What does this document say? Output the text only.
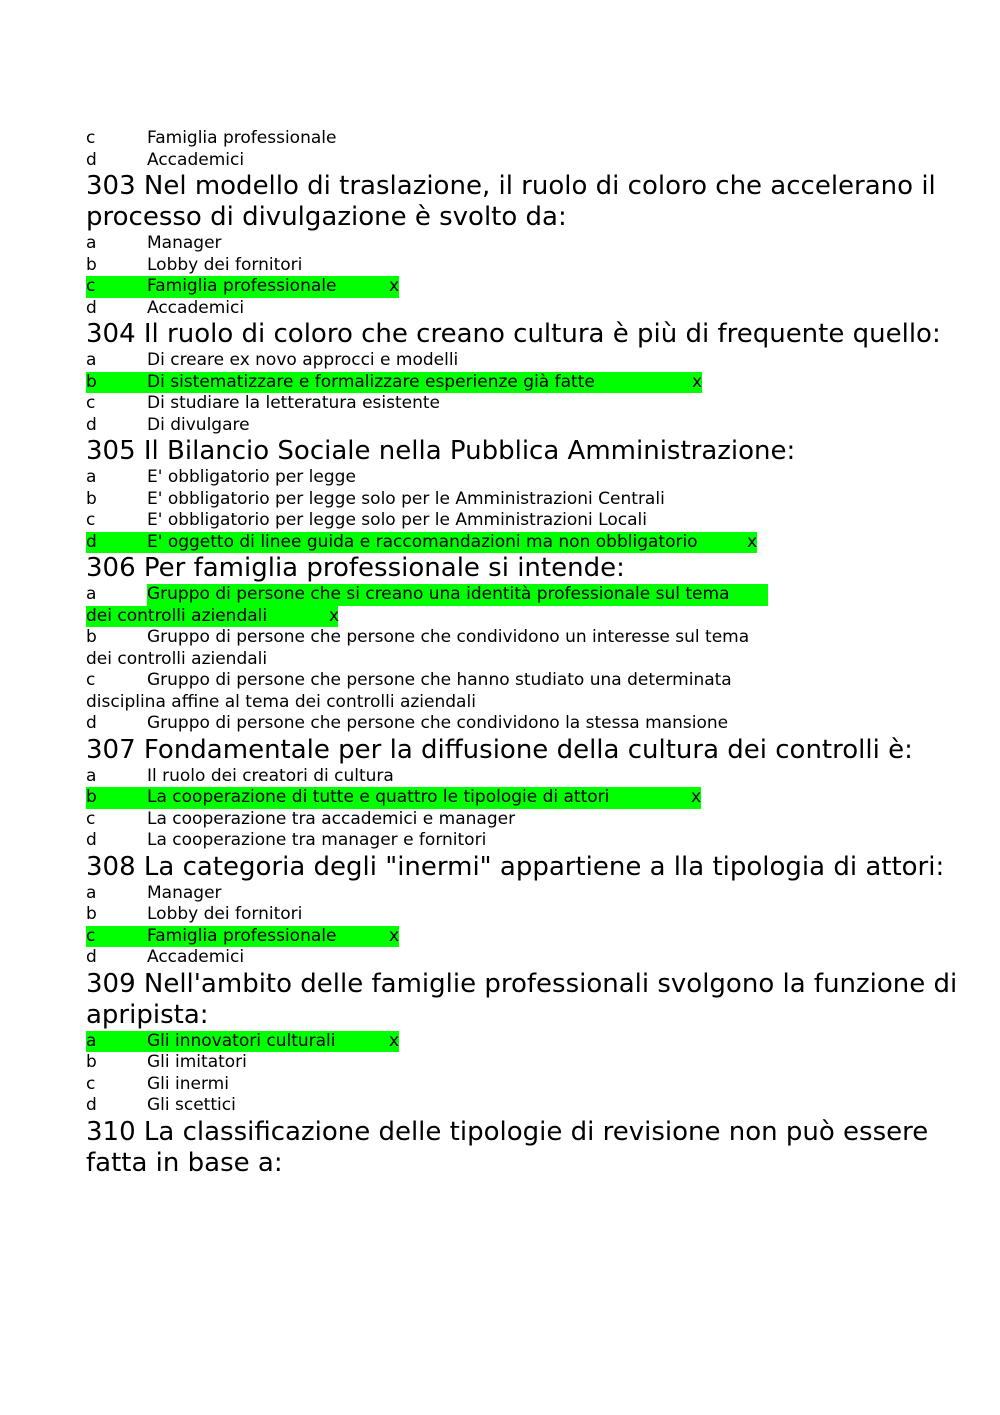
c	Famiglia professionale
d	Accademici

303 Nel modello di traslazione, il ruolo di coloro che accelerano il processo di divulgazione è svolto da:

a	Manager
b	Lobby dei fornitori
c	Famiglia professionale	x
d	Accademici

304 Il ruolo di coloro che creano cultura è più di frequente quello:

a	Di creare ex novo approcci e modelli
b	Di sistematizzare e formalizzare esperienze già fatte	x
c	Di studiare la letteratura esistente
d	Di divulgare

305 Il Bilancio Sociale nella Pubblica Amministrazione:

a	E' obbligatorio per legge
b	E' obbligatorio per legge solo per le Amministrazioni Centrali
c	E' obbligatorio per legge solo per le Amministrazioni Locali
d	E' oggetto di linee guida e raccomandazioni ma non obbligatorio	x

306 Per famiglia professionale si intende:

a	Gruppo di persone che si creano una identità professionale sul tema
dei controlli aziendali	x
b	Gruppo di persone che persone che condividono un interesse sul tema
dei controlli aziendali
c	Gruppo di persone che persone che hanno studiato una determinata
disciplina affine al tema dei controlli aziendali
d	Gruppo di persone che persone che condividono la stessa mansione

307 Fondamentale per la diffusione della cultura dei controlli è:

a	Il ruolo dei creatori di cultura
b	La cooperazione di tutte e quattro le tipologie di attori	x
c	La cooperazione tra accademici e manager
d	La cooperazione tra manager e fornitori

308 La categoria degli "inermi" appartiene a lla tipologia di attori:

a	Manager
b	Lobby dei fornitori
c	Famiglia professionale	x
d	Accademici

309 Nell'ambito delle famiglie professionali svolgono la funzione di apripista:

a	Gli innovatori culturali	x
b	Gli imitatori
c	Gli inermi
d	Gli scettici

310 La classificazione delle tipologie di revisione non può essere fatta in base a:
